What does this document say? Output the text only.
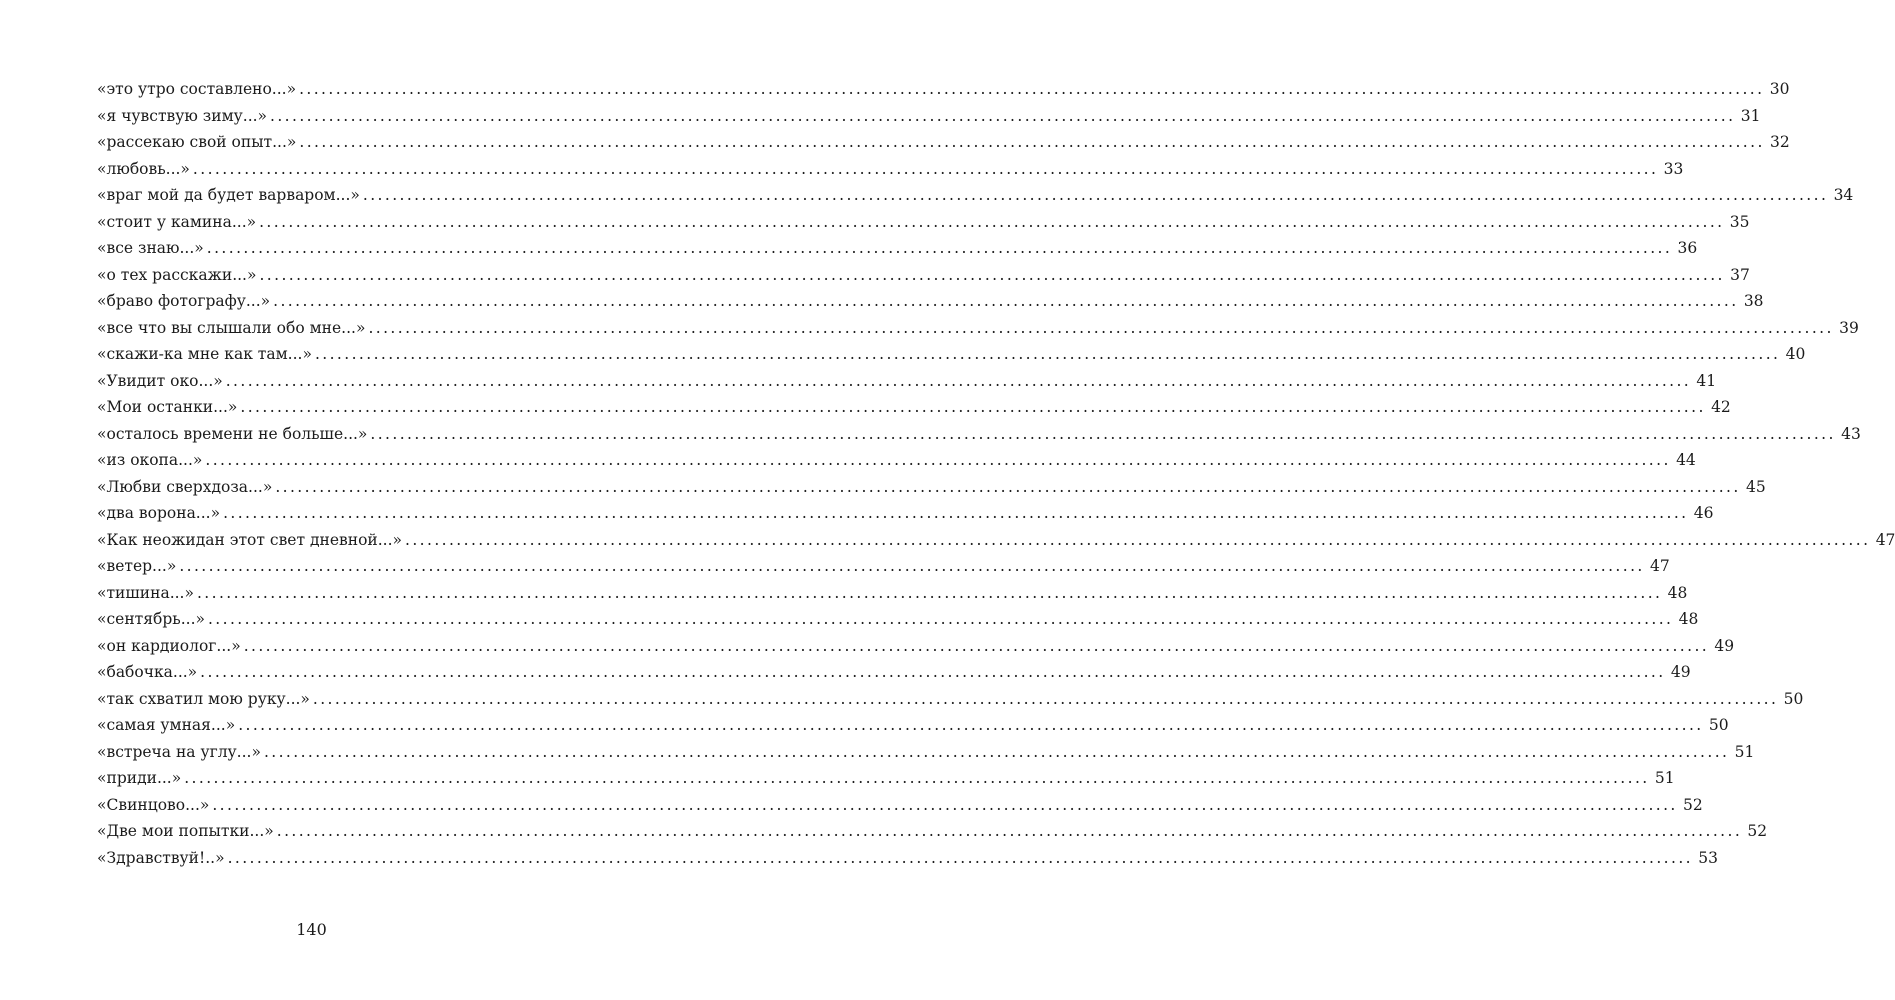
«это утро составлено...» ........................................................................................................................................................................................................ 30
«я чувствую зиму...» ........................................................................................................................................................................................................ 31
«рассекаю свой опыт...» ........................................................................................................................................................................................................ 32
«любовь...» ........................................................................................................................................................................................................ 33
«враг мой да будет варваром...» ........................................................................................................................................................................................................ 34
«стоит у камина...» ........................................................................................................................................................................................................ 35
«все знаю...» ........................................................................................................................................................................................................ 36
«о тех расскажи...» ........................................................................................................................................................................................................ 37
«браво фотографу...» ........................................................................................................................................................................................................ 38
«все что вы слышали обо мне...» ........................................................................................................................................................................................................ 39
«скажи-ка мне как там...» ........................................................................................................................................................................................................ 40
«Увидит око...» ........................................................................................................................................................................................................ 41
«Мои останки...» ........................................................................................................................................................................................................ 42
«осталось времени не больше...» ........................................................................................................................................................................................................ 43
«из окопа...» ........................................................................................................................................................................................................ 44
«Любви сверхдоза...» ........................................................................................................................................................................................................ 45
«два ворона...» ........................................................................................................................................................................................................ 46
«Как неожидан этот свет дневной...» ........................................................................................................................................................................................................ 47
«ветер...» ........................................................................................................................................................................................................ 47
«тишина...» ........................................................................................................................................................................................................ 48
«сентябрь...» ........................................................................................................................................................................................................ 48
«он кардиолог...» ........................................................................................................................................................................................................ 49
«бабочка...» ........................................................................................................................................................................................................ 49
«так схватил мою руку...» ........................................................................................................................................................................................................ 50
«самая умная...» ........................................................................................................................................................................................................ 50
«встреча на углу...» ........................................................................................................................................................................................................ 51
«приди...» ........................................................................................................................................................................................................ 51
«Свинцово...» ........................................................................................................................................................................................................ 52
«Две мои попытки...» ........................................................................................................................................................................................................ 52
«Здравствуй!..» ........................................................................................................................................................................................................ 53
140
